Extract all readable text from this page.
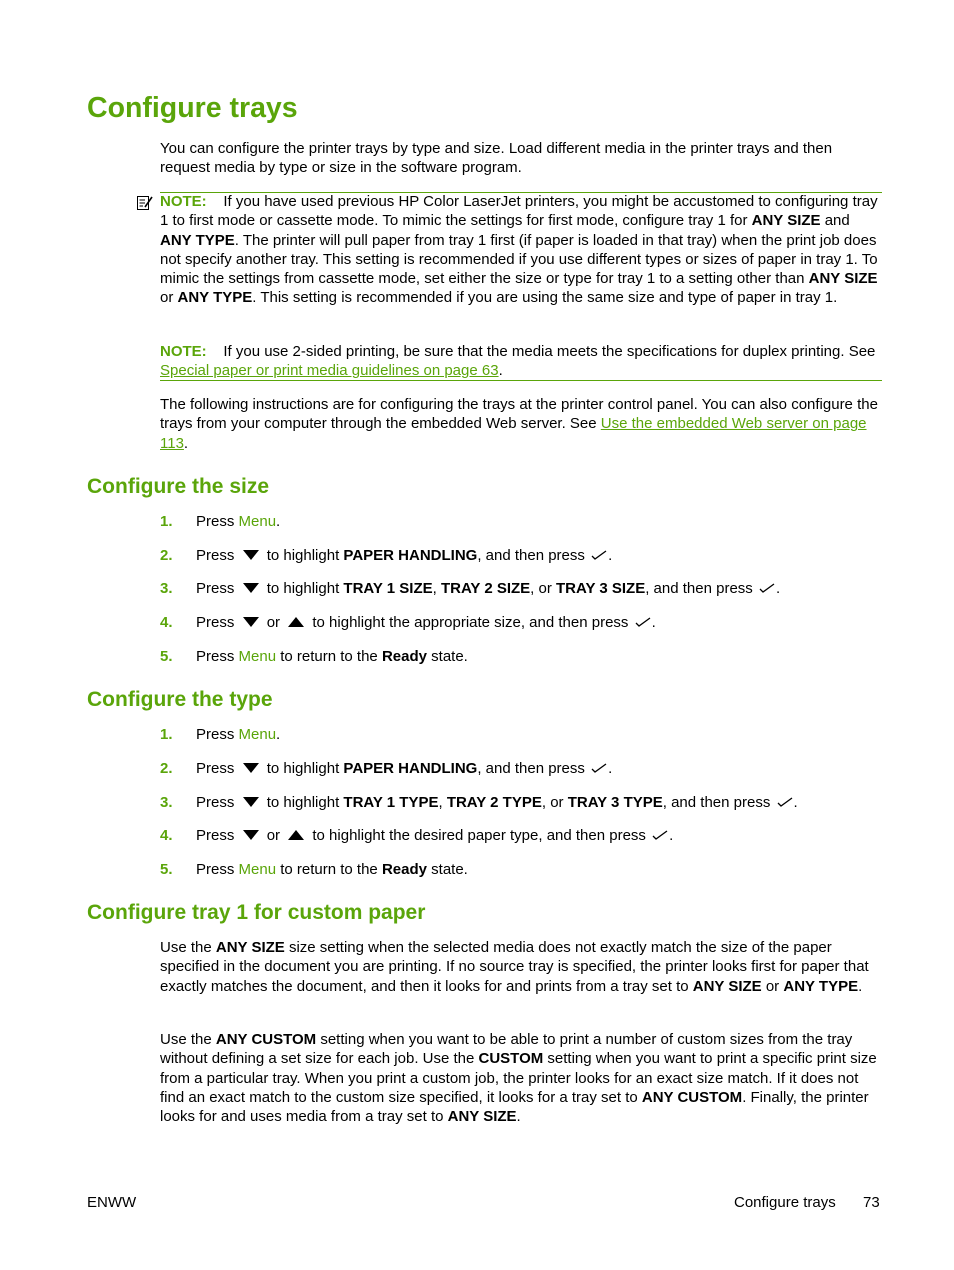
Configure trays

You can configure the printer trays by type and size. Load different media in the printer trays and then request media by type or size in the software program.

NOTE: If you have used previous HP Color LaserJet printers, you might be accustomed to configuring tray 1 to first mode or cassette mode. To mimic the settings for first mode, configure tray 1 for ANY SIZE and ANY TYPE. The printer will pull paper from tray 1 first (if paper is loaded in that tray) when the print job does not specify another tray. This setting is recommended if you use different types or sizes of paper in tray 1. To mimic the settings from cassette mode, set either the size or type for tray 1 to a setting other than ANY SIZE or ANY TYPE. This setting is recommended if you are using the same size and type of paper in tray 1.

NOTE: If you use 2-sided printing, be sure that the media meets the specifications for duplex printing. See Special paper or print media guidelines on page 63.

The following instructions are for configuring the trays at the printer control panel. You can also configure the trays from your computer through the embedded Web server. See Use the embedded Web server on page 113.

Configure the size
1. Press Menu.
2. Press to highlight PAPER HANDLING, and then press .
3. Press to highlight TRAY 1 SIZE, TRAY 2 SIZE, or TRAY 3 SIZE, and then press .
4. Press or to highlight the appropriate size, and then press .
5. Press Menu to return to the Ready state.
Configure the type
1. Press Menu.
2. Press to highlight PAPER HANDLING, and then press .
3. Press to highlight TRAY 1 TYPE, TRAY 2 TYPE, or TRAY 3 TYPE, and then press .
4. Press or to highlight the desired paper type, and then press .
5. Press Menu to return to the Ready state.
Configure tray 1 for custom paper

Use the ANY SIZE size setting when the selected media does not exactly match the size of the paper specified in the document you are printing. If no source tray is specified, the printer looks first for paper that exactly matches the document, and then it looks for and prints from a tray set to ANY SIZE or ANY TYPE.

Use the ANY CUSTOM setting when you want to be able to print a number of custom sizes from the tray without defining a set size for each job. Use the CUSTOM setting when you want to print a specific print size from a particular tray. When you print a custom job, the printer looks for an exact size match. If it does not find an exact match to the custom size specified, it looks for a tray set to ANY CUSTOM. Finally, the printer looks for and uses media from a tray set to ANY SIZE.

ENWW	Configure trays 73
